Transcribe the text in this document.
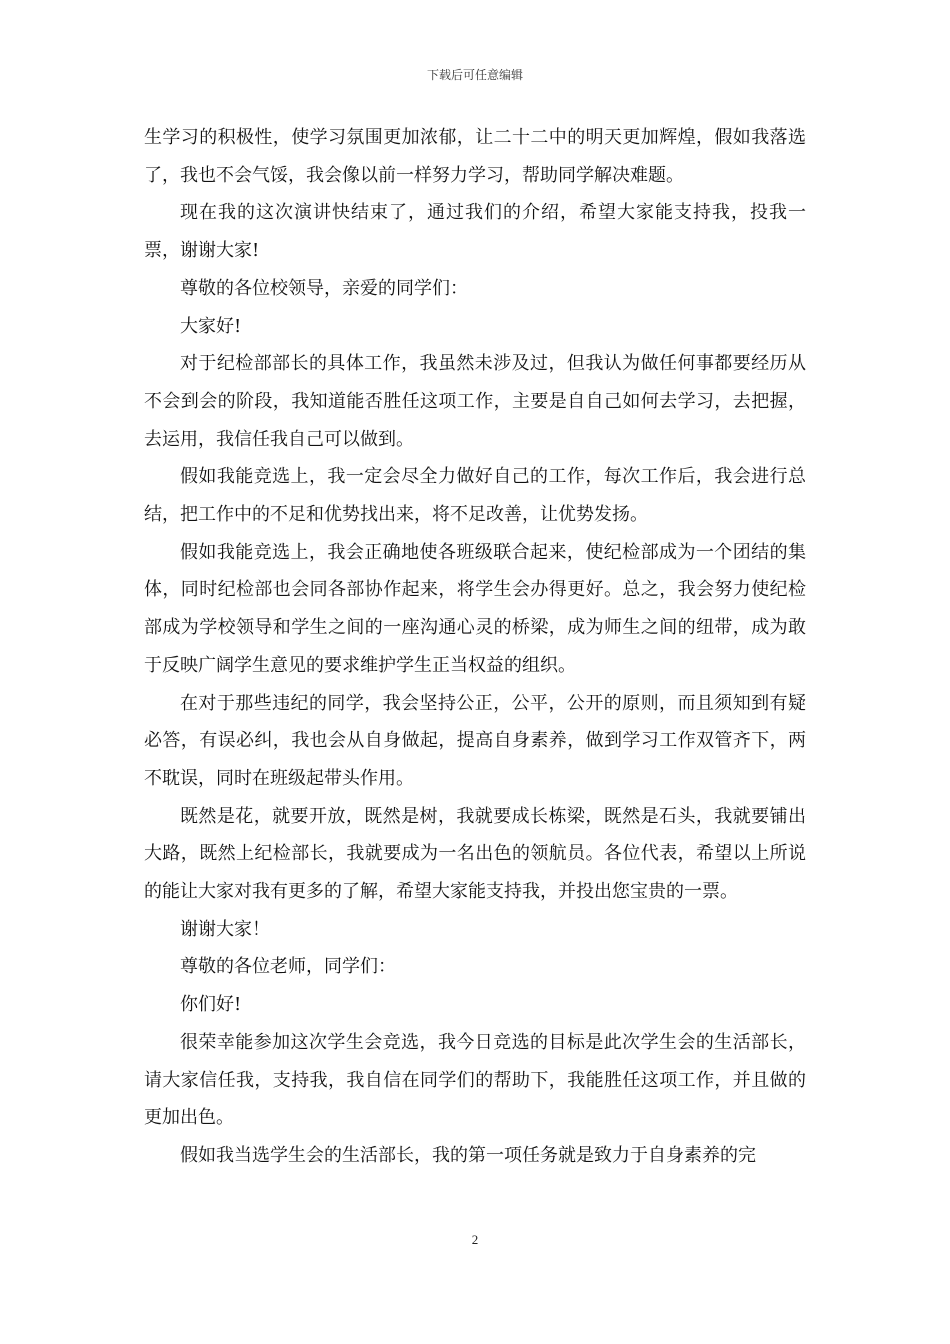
下载后可任意编辑

生学习的积极性，使学习氛围更加浓郁，让二十二中的明天更加辉煌，假如我落选了，我也不会气馁，我会像以前一样努力学习，帮助同学解决难题。

现在我的这次演讲快结束了，通过我们的介绍，希望大家能支持我，投我一票，谢谢大家!

尊敬的各位校领导，亲爱的同学们：

大家好!

对于纪检部部长的具体工作，我虽然未涉及过，但我认为做任何事都要经历从不会到会的阶段，我知道能否胜任这项工作，主要是自自己如何去学习，去把握，去运用，我信任我自己可以做到。

假如我能竞选上，我一定会尽全力做好自己的工作，每次工作后，我会进行总结，把工作中的不足和优势找出来，将不足改善，让优势发扬。

假如我能竞选上，我会正确地使各班级联合起来，使纪检部成为一个团结的集体，同时纪检部也会同各部协作起来，将学生会办得更好。总之，我会努力使纪检部成为学校领导和学生之间的一座沟通心灵的桥梁，成为师生之间的纽带，成为敢于反映广阔学生意见的要求维护学生正当权益的组织。

在对于那些违纪的同学，我会坚持公正，公平，公开的原则，而且须知到有疑必答，有误必纠，我也会从自身做起，提高自身素养，做到学习工作双管齐下，两不耽误，同时在班级起带头作用。

既然是花，就要开放，既然是树，我就要成长栋梁，既然是石头，我就要铺出大路，既然上纪检部长，我就要成为一名出色的领航员。各位代表，希望以上所说的能让大家对我有更多的了解，希望大家能支持我，并投出您宝贵的一票。

谢谢大家！

尊敬的各位老师，同学们：

你们好!

很荣幸能参加这次学生会竞选，我今日竞选的目标是此次学生会的生活部长，请大家信任我，支持我，我自信在同学们的帮助下，我能胜任这项工作，并且做的更加出色。

假如我当选学生会的生活部长，我的第一项任务就是致力于自身素养的完

2
